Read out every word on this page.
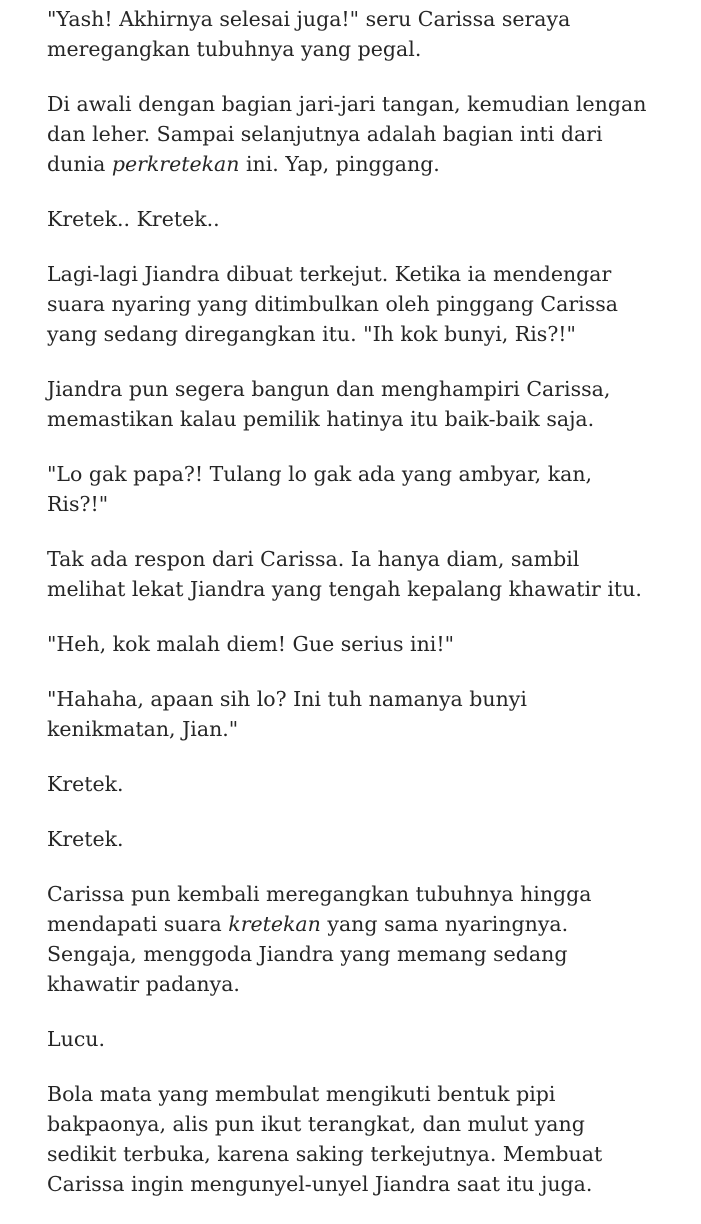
"Yash! Akhirnya selesai juga!" seru Carissa seraya
meregangkan tubuhnya yang pegal.

Di awali dengan bagian jari-jari tangan, kemudian lengan
dan leher. Sampai selanjutnya adalah bagian inti dari
dunia perkretekan ini. Yap, pinggang.

Kretek.. Kretek..

Lagi-lagi Jiandra dibuat terkejut. Ketika ia mendengar
suara nyaring yang ditimbulkan oleh pinggang Carissa
yang sedang diregangkan itu. "Ih kok bunyi, Ris?!"

Jiandra pun segera bangun dan menghampiri Carissa,
memastikan kalau pemilik hatinya itu baik-baik saja.

"Lo gak papa?! Tulang lo gak ada yang ambyar, kan,
Ris?!"

Tak ada respon dari Carissa. Ia hanya diam, sambil
melihat lekat Jiandra yang tengah kepalang khawatir itu.

"Heh, kok malah diem! Gue serius ini!"

"Hahaha, apaan sih lo? Ini tuh namanya bunyi
kenikmatan, Jian."

Kretek.

Kretek.

Carissa pun kembali meregangkan tubuhnya hingga
mendapati suara kretekan yang sama nyaringnya.
Sengaja, menggoda Jiandra yang memang sedang
khawatir padanya.

Lucu.

Bola mata yang membulat mengikuti bentuk pipi
bakpaonya, alis pun ikut terangkat, dan mulut yang
sedikit terbuka, karena saking terkejutnya. Membuat
Carissa ingin mengunyel-unyel Jiandra saat itu juga.
